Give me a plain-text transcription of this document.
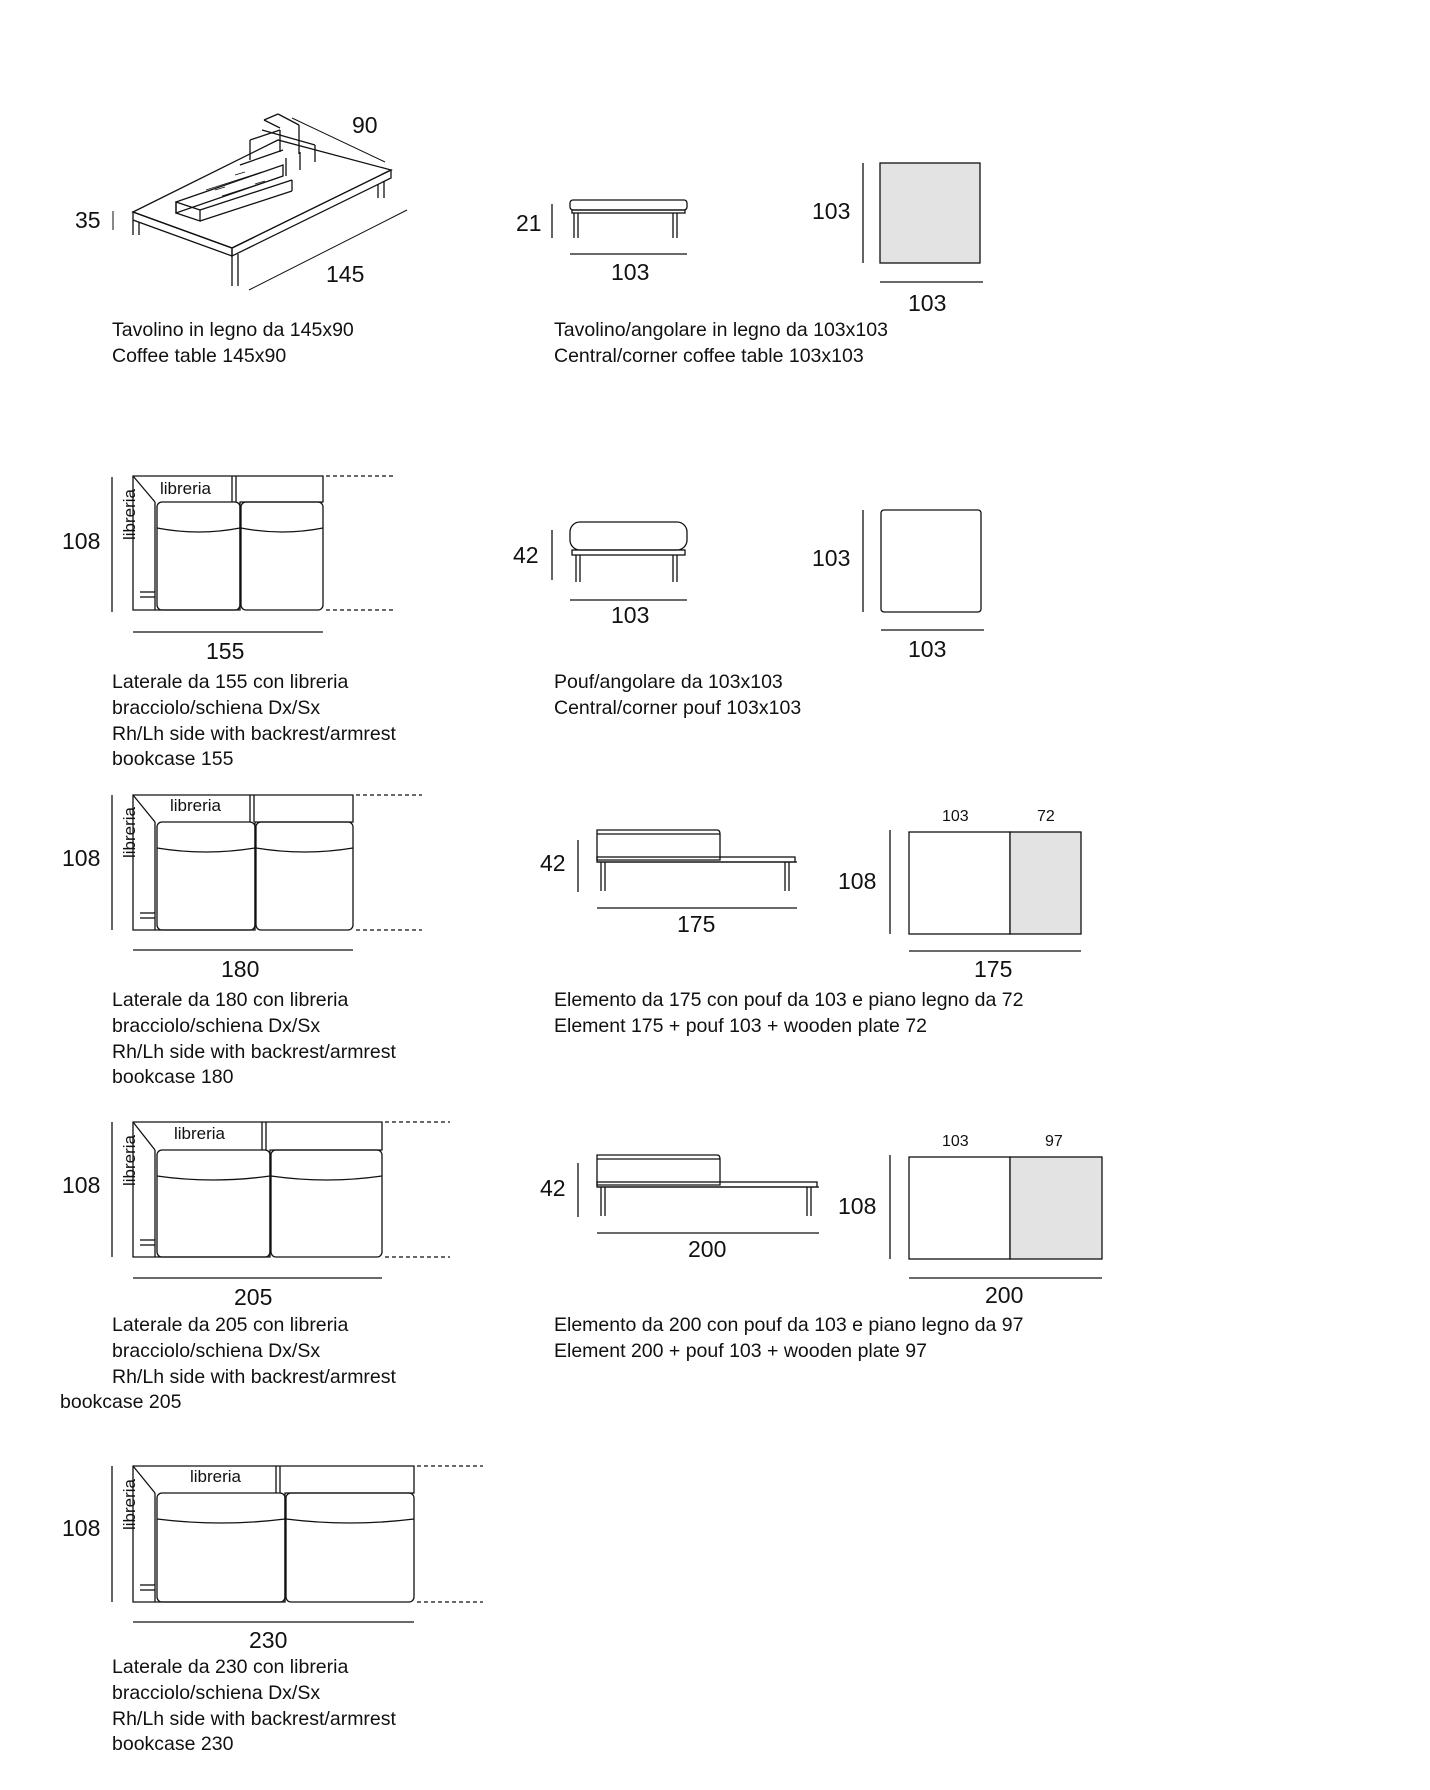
libreria
libreria
libreria
libreria
libreria
libreria
libreria
libreria
90
145
35	21
103
103
103
108
155
42
103
103
103
108
180
42
175
108
103	72
175
108
205
42
200
108
103	97
200
108
230
Tavolino in legno da 145x90
Coffee table 145x90
Tavolino/angolare in legno da 103x103
Central/corner coffee table 103x103
Laterale da 155 con libreria
bracciolo/schiena Dx/Sx
Rh/Lh side with backrest/armrest
bookcase 155
Pouf/angolare da 103x103
Central/corner pouf 103x103
Laterale da 180 con libreria
bracciolo/schiena Dx/Sx
Rh/Lh side with backrest/armrest
bookcase 180
Elemento da 175 con pouf da 103 e piano legno da 72
Element 175 + pouf 103 + wooden plate 72
Laterale da 205 con libreria
bracciolo/schiena Dx/Sx
Rh/Lh side with backrest/armrest
bookcase 205
Elemento da 200 con pouf da 103 e piano legno da 97
Element 200 + pouf 103 + wooden plate 97
Laterale da 230 con libreria
bracciolo/schiena Dx/Sx
Rh/Lh side with backrest/armrest
bookcase 230
